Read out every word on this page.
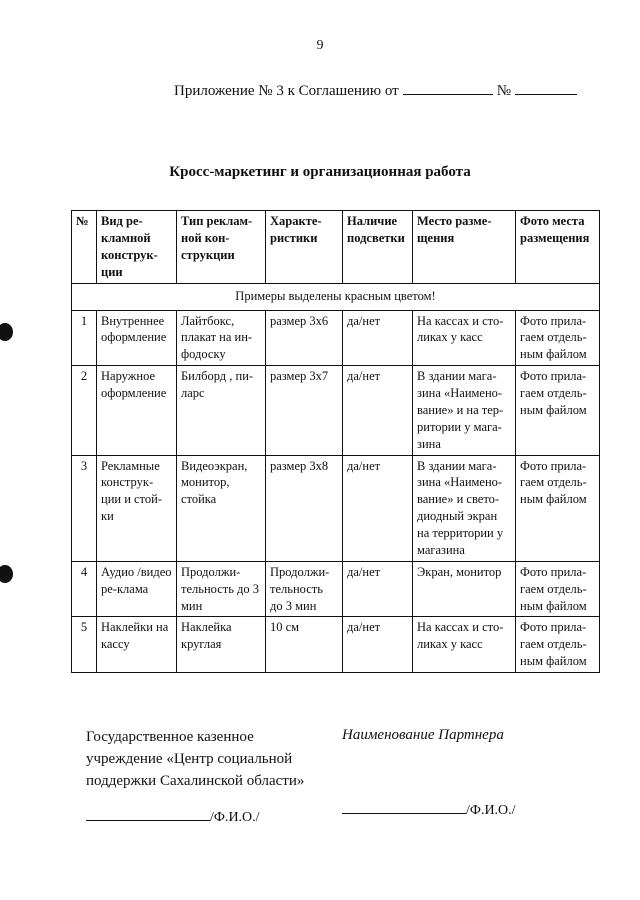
9
Приложение № 3 к Соглашению от	№
Кросс-маркетинг и организационная работа
№	Вид ре-кламной конструк-ции	Тип реклам-ной кон-струкции	Характе-ристики	Наличие подсветки	Место разме-щения	Фото места размещения
Примеры выделены красным цветом!						
1	Внутреннее оформление	Лайтбокс, плакат на ин-фодоску	размер 3х6	да/нет	На кассах и сто-ликах у касс	Фото прила-гаем отдель-ным файлом
2	Наружное оформление	Билборд , пи-ларс	размер 3х7	да/нет	В здании мага-зина «Наимено-вание» и на тер-ритории у мага-зина	Фото прила-гаем отдель-ным файлом
3	Рекламные конструк-ции и стой-ки	Видеоэкран, монитор, стойка	размер 3х8	да/нет	В здании мага-зина «Наимено-вание» и свето-диодный экран на территории у магазина	Фото прила-гаем отдель-ным файлом
4	Аудио /видео ре-клама	Продолжи-тельность до 3 мин	Продолжи-тельность до 3 мин	да/нет	Экран, монитор	Фото прила-гаем отдель-ным файлом
5	Наклейки на кассу	Наклейка круглая	10 см	да/нет	На кассах и сто-ликах у касс	Фото прила-гаем отдель-ным файлом
Государственное казенное учреждение «Центр социальной поддержки Сахалинской области»
Наименование Партнера
/Ф.И.О./	/Ф.И.О./
